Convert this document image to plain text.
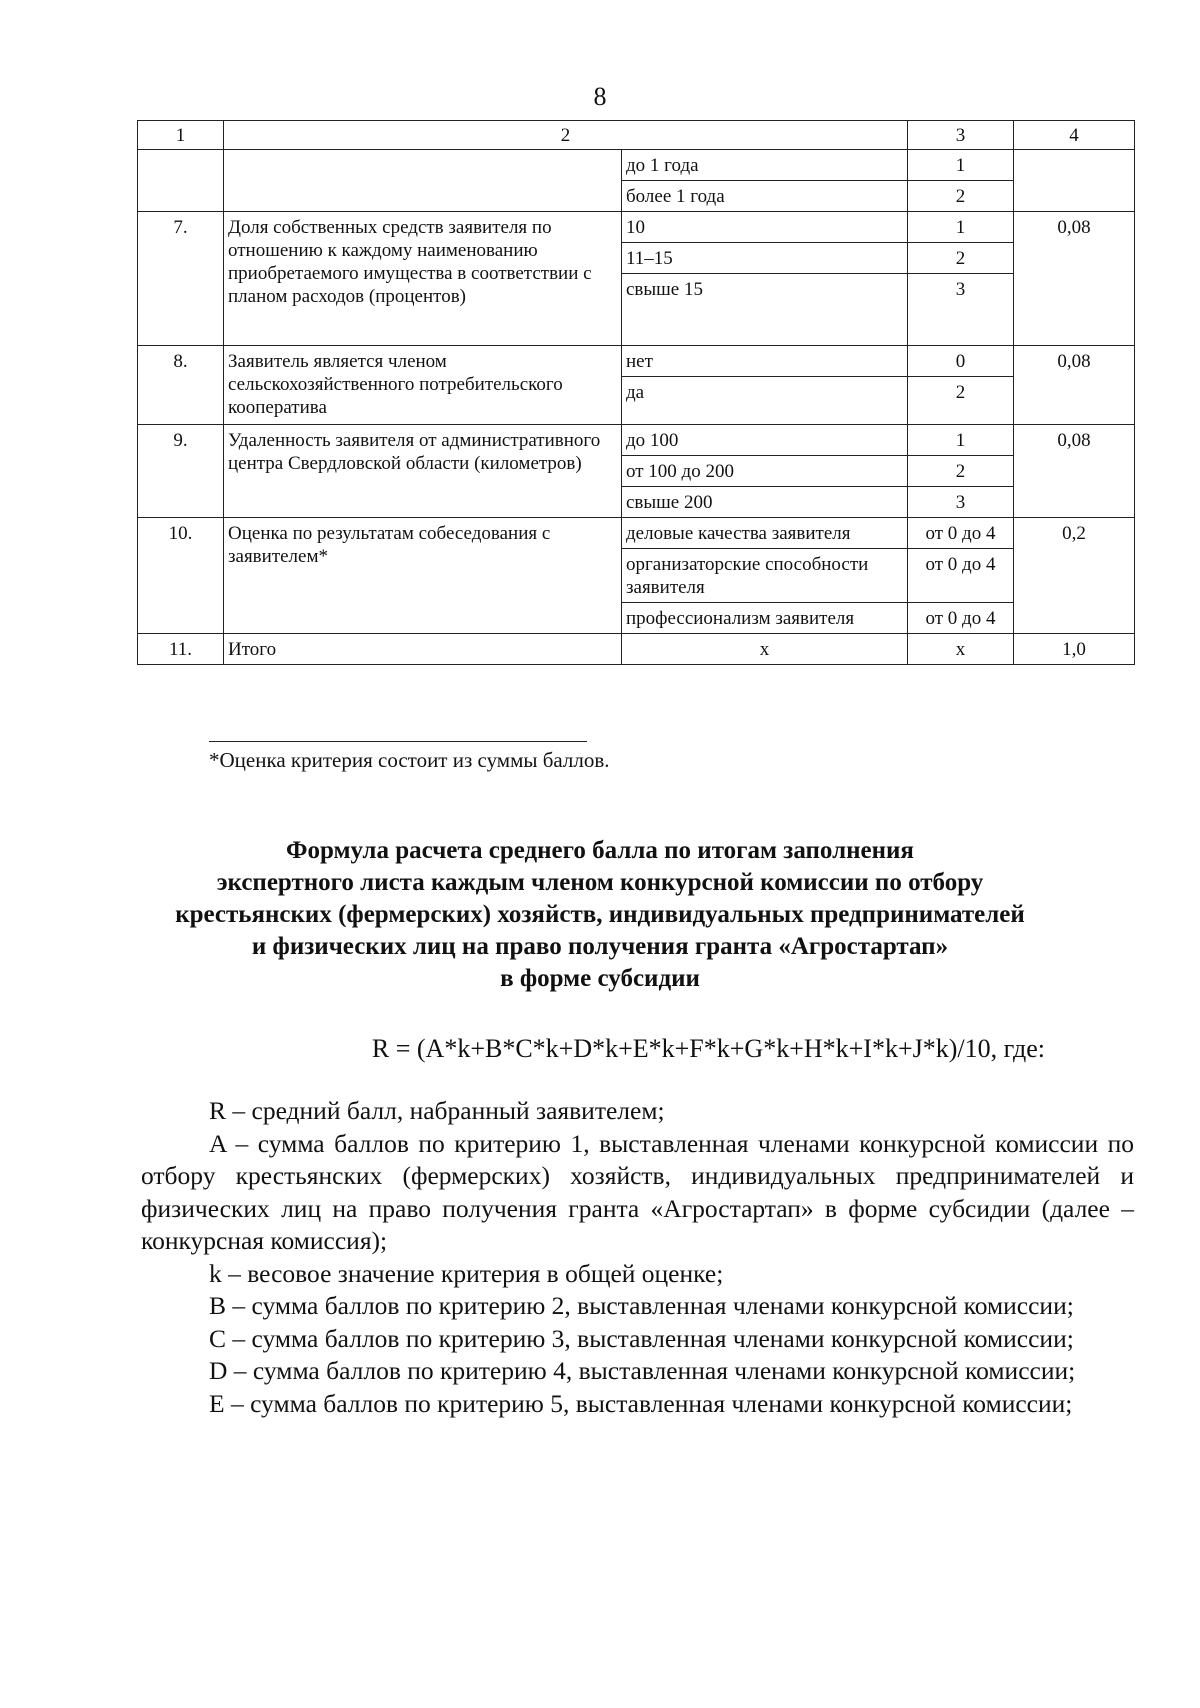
8
1	2		3	4
		до 1 года	1	
		более 1 года	2	
7.	Доля собственных средств заявителя по отношению к каждому наименованию приобретаемого имущества в соответствии с планом расходов (процентов)	10	1	0,08
		11–15	2	
		свыше 15	3	
8.	Заявитель является членом сельскохозяйственного потребительского кооператива	нет	0	0,08
		да	2	
9.	Удаленность заявителя от административного центра Свердловской области (километров)	до 100	1	0,08
		от 100 до 200	2	
		свыше 200	3	
10.	Оценка по результатам собеседования с заявителем*	деловые качества заявителя	от 0 до 4	0,2
		организаторские способности заявителя	от 0 до 4	
		профессионализм заявителя	от 0 до 4	
11.	Итого	х	х	1,0
*Оценка критерия состоит из суммы баллов.
Формула расчета среднего балла по итогам заполнения
экспертного листа каждым членом конкурсной комиссии по отбору
крестьянских (фермерских) хозяйств, индивидуальных предпринимателей
и физических лиц на право получения гранта «Агростартап»
в форме субсидии
R = (A*k+B*C*k+D*k+E*k+F*k+G*k+H*k+I*k+J*k)/10, где:

R – средний балл, набранный заявителем;

A – сумма баллов по критерию 1, выставленная членами конкурсной комиссии по отбору крестьянских (фермерских) хозяйств, индивидуальных предпринимателей и физических лиц на право получения гранта «Агростартап» в форме субсидии (далее – конкурсная комиссия);

k – весовое значение критерия в общей оценке;

B – сумма баллов по критерию 2, выставленная членами конкурсной комиссии;

C – сумма баллов по критерию 3, выставленная членами конкурсной комиссии;

D – сумма баллов по критерию 4, выставленная членами конкурсной комиссии;

E – сумма баллов по критерию 5, выставленная членами конкурсной комиссии;
